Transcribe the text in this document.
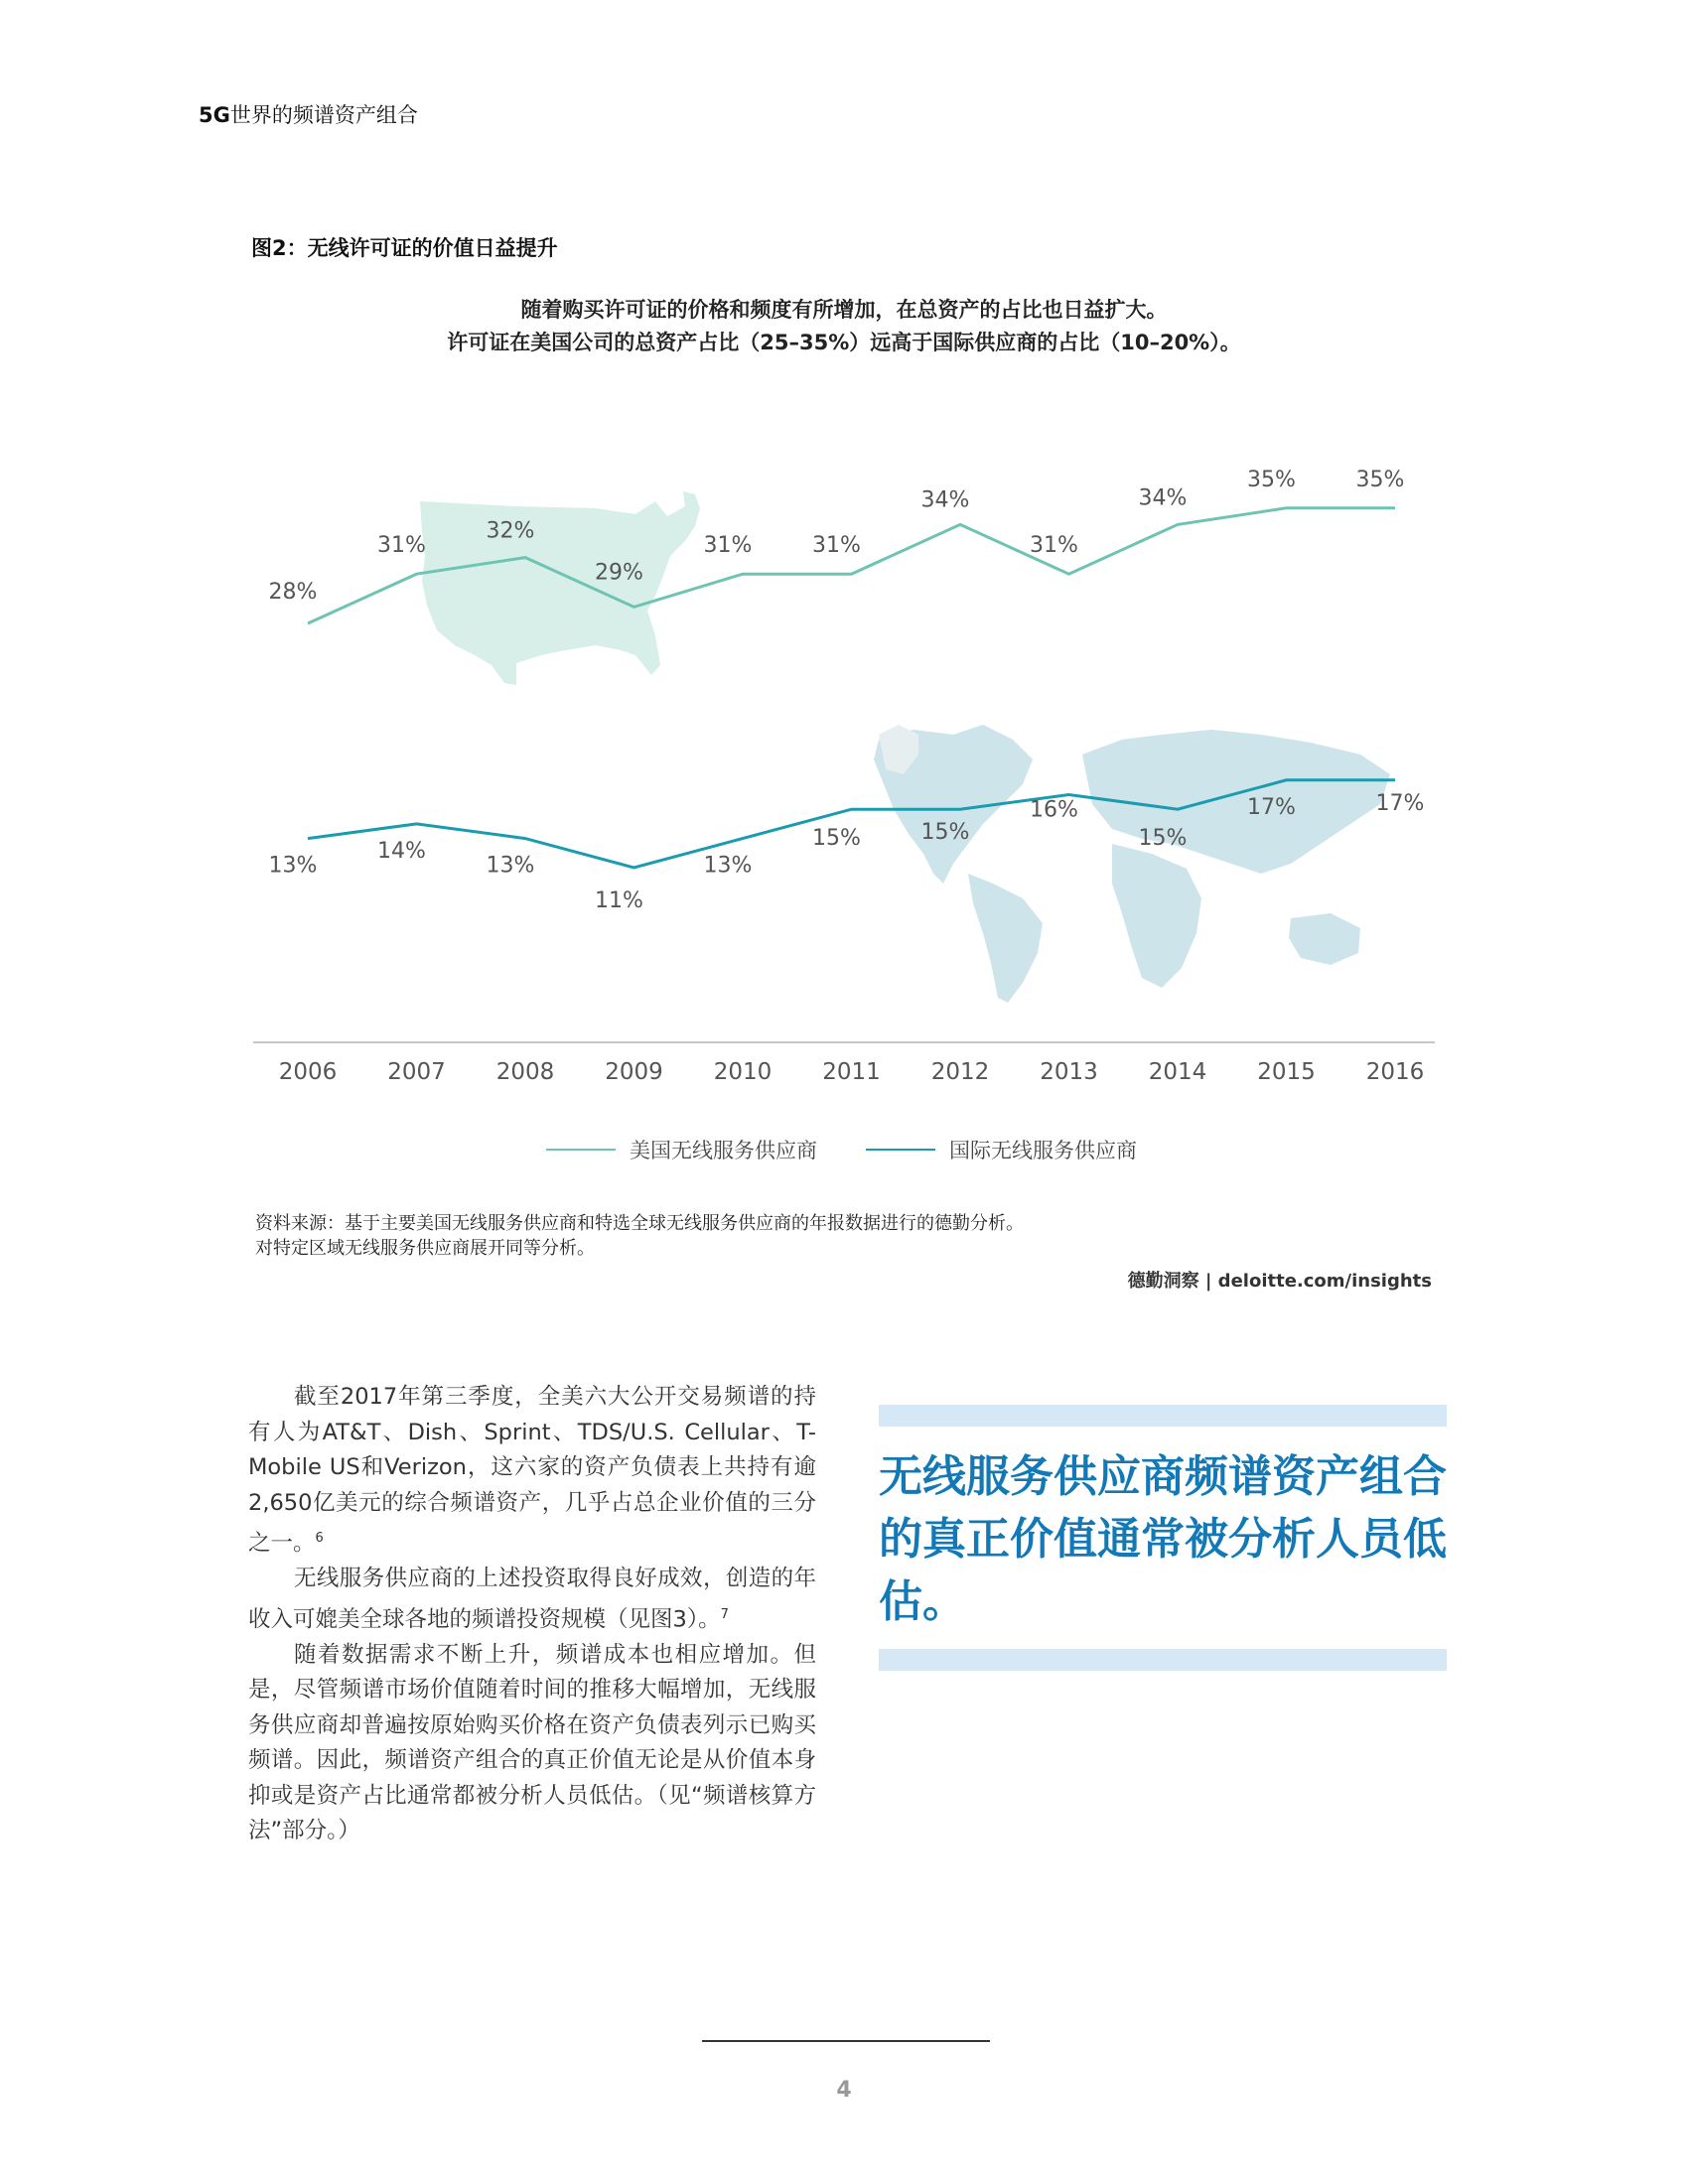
5G世界的频谱资产组合
图2：无线许可证的价值日益提升
随着购买许可证的价格和频度有所增加，在总资产的占比也日益扩大。
许可证在美国公司的总资产占比（25–35%）远高于国际供应商的占比（10–20%）。
28%
31%
32%
29%
31%	31%
34%
31%
34%
35%	35%
13%
14%
13%
11%
13%
15%	15%
16%
15%
17%	17%
2006 2007 2008 2009 2010 2011 2012 2013 2014 2015 2016
美国无线服务供应商	国际无线服务供应商
资料来源：基于主要美国无线服务供应商和特选全球无线服务供应商的年报数据进行的德勤分析。
对特定区域无线服务供应商展开同等分析。
德勤洞察 | deloitte.com/insights

截至2017年第三季度，全美六大公开交易频谱的持有人为AT&T、Dish、Sprint、TDS/U.S. Cellular、T-Mobile US和Verizon，这六家的资产负债表上共持有逾2,650亿美元的综合频谱资产，几乎占总企业价值的三分之一。$^6$

无线服务供应商的上述投资取得良好成效，创造的年收入可媲美全球各地的频谱投资规模（见图3）。$^7$

随着数据需求不断上升，频谱成本也相应增加。但是，尽管频谱市场价值随着时间的推移大幅增加，无线服务供应商却普遍按原始购买价格在资产负债表列示已购买频谱。因此，频谱资产组合的真正价值无论是从价值本身抑或是资产占比通常都被分析人员低估。（见“频谱核算方法”部分。）

无线服务供应商频谱资产组合的真正价值通常被分析人员低估。
4
